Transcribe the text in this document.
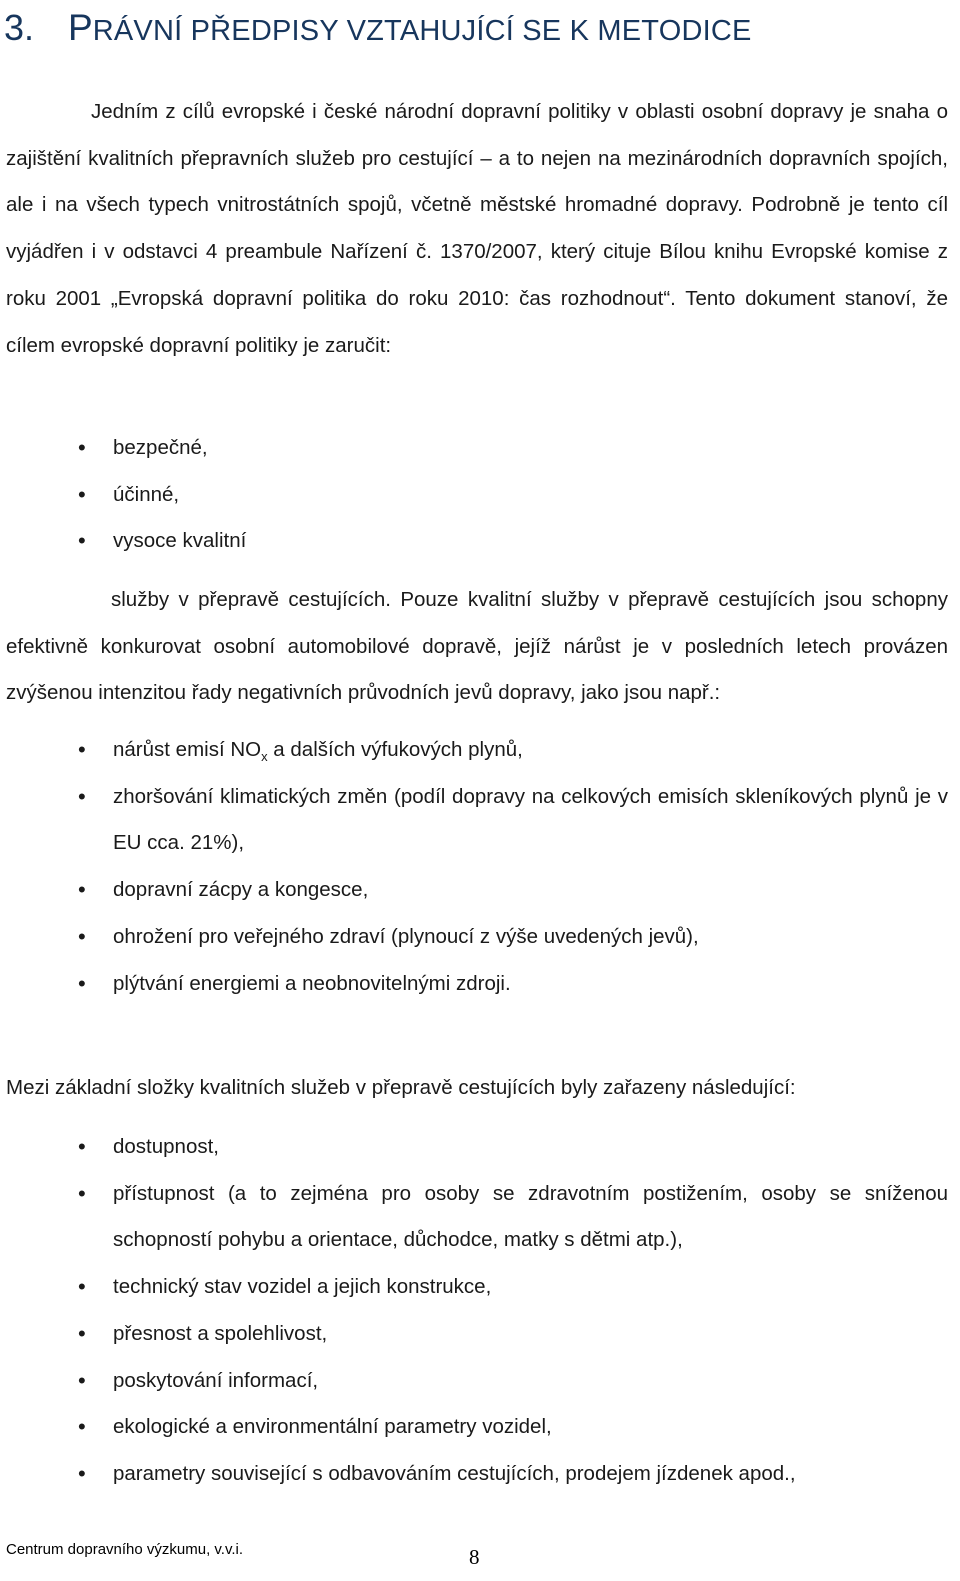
3. PRÁVNÍ PŘEDPISY VZTAHUJÍCÍ SE K METODICE

Jedním z cílů evropské i české národní dopravní politiky v oblasti osobní dopravy je snaha o zajištění kvalitních přepravních služeb pro cestující – a to nejen na mezinárodních dopravních spojích, ale i na všech typech vnitrostátních spojů, včetně městské hromadné dopravy. Podrobně je tento cíl vyjádřen i v odstavci 4 preambule Nařízení č. 1370/2007, který cituje Bílou knihu Evropské komise z roku 2001 „Evropská dopravní politika do roku 2010: čas rozhodnout“. Tento dokument stanoví, že cílem evropské dopravní politiky je zaručit:

• bezpečné,
• účinné,
• vysoce kvalitní

služby v přepravě cestujících. Pouze kvalitní služby v přepravě cestujících jsou schopny efektivně konkurovat osobní automobilové dopravě, jejíž nárůst je v posledních letech provázen zvýšenou intenzitou řady negativních průvodních jevů dopravy, jako jsou např.:

• nárůst emisí $NO_x$ a dalších výfukových plynů,
• zhoršování klimatických změn (podíl dopravy na celkových emisích skleníkových plynů je v EU cca. 21%),
• dopravní zácpy a kongesce,
• ohrožení pro veřejného zdraví (plynoucí z výše uvedených jevů),
• plýtvání energiemi a neobnovitelnými zdroji.

Mezi základní složky kvalitních služeb v přepravě cestujících byly zařazeny následující:

• dostupnost,
• přístupnost (a to zejména pro osoby se zdravotním postižením, osoby se sníženou schopností pohybu a orientace, důchodce, matky s dětmi atp.),
• technický stav vozidel a jejich konstrukce,
• přesnost a spolehlivost,
• poskytování informací,
• ekologické a environmentální parametry vozidel,
• parametry související s odbavováním cestujících, prodejem jízdenek apod.,
Centrum dopravního výzkumu, v.v.i.	8
